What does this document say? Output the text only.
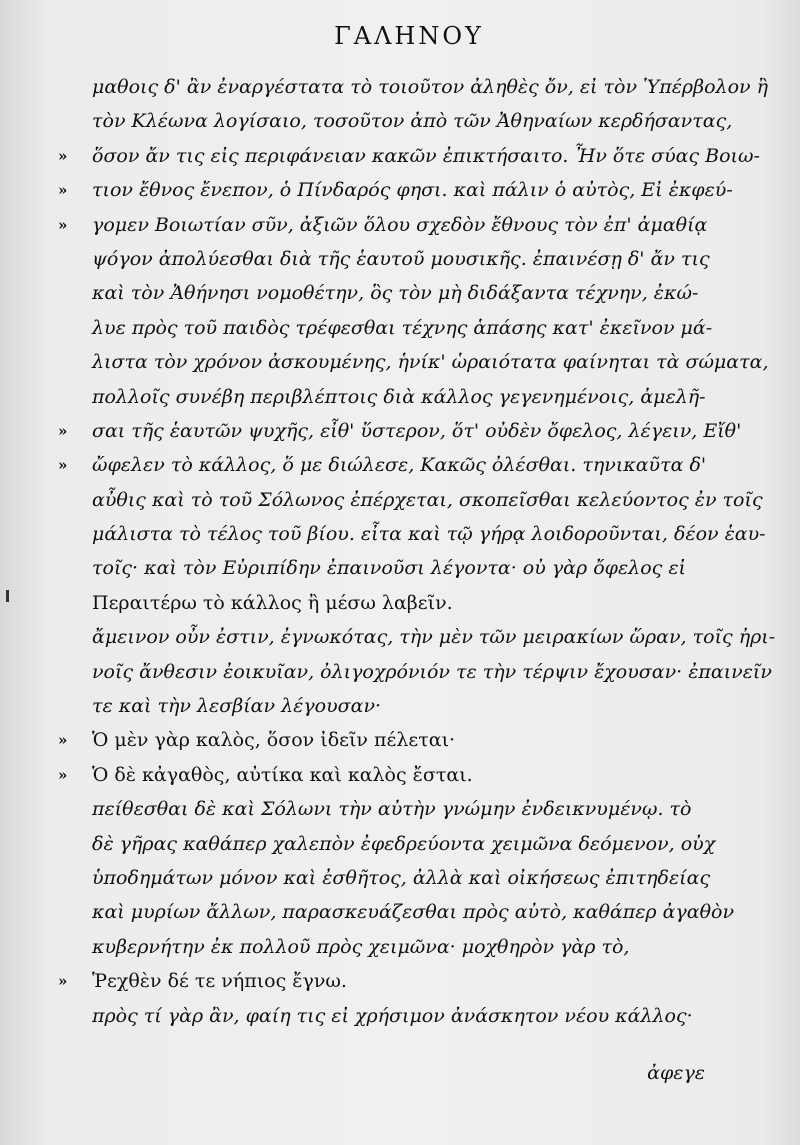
ΓΑΛΗΝΟΥ
μαθοις δ' ἂν ἐναργέστατα τὸ τοιοῦτον ἀληθὲς ὄν, εἰ τὸν Ὑπέρβολον ἢ
τὸν Κλέωνα λογίσαιο, τοσοῦτον ἀπὸ τῶν Ἀθηναίων κερδήσαντας,
» ὅσον ἄν τις εἰς περιφάνειαν κακῶν ἐπικτήσαιτο. Ἦν ὅτε σύας Βοιω-
» τιον ἔθνος ἔνεπον, ὁ Πίνδαρός φησι. καὶ πάλιν ὁ αὐτὸς, Εἰ ἐκφεύ-
» γομεν Βοιωτίαν σῦν, ἀξιῶν ὅλου σχεδὸν ἔθνους τὸν ἐπ' ἀμαθίᾳ
ψόγον ἀπολύεσθαι διὰ τῆς ἑαυτοῦ μουσικῆς. ἐπαινέσῃ δ' ἄν τις
καὶ τὸν Ἀθήνησι νομοθέτην, ὃς τὸν μὴ διδάξαντα τέχνην, ἐκώ-
λυε πρὸς τοῦ παιδὸς τρέφεσθαι τέχνης ἁπάσης κατ' ἐκεῖνον μά-
λιστα τὸν χρόνον ἀσκουμένης, ἡνίκ' ὡραιότατα φαίνηται τὰ σώματα,
πολλοῖς συνέβη περιβλέπτοις διὰ κάλλος γεγενημένοις, ἀμελῆ-
» σαι τῆς ἑαυτῶν ψυχῆς, εἶθ' ὕστερον, ὅτ' οὐδὲν ὄφελος, λέγειν, Εἴθ'
» ὤφελεν τὸ κάλλος, ὅ με διώλεσε, Κακῶς ὀλέσθαι. τηνικαῦτα δ'
αὖθις καὶ τὸ τοῦ Σόλωνος ἐπέρχεται, σκοπεῖσθαι κελεύοντος ἐν τοῖς
μάλιστα τὸ τέλος τοῦ βίου. εἶτα καὶ τῷ γήρᾳ λοιδοροῦνται, δέον ἑαυ-
τοῖς· καὶ τὸν Εὐριπίδην ἐπαινοῦσι λέγοντα· οὐ γὰρ ὄφελος εἰ
Περαιτέρω τὸ κάλλος ἢ μέσω λαβεῖν.
ἄμεινον οὖν ἐστιν, ἐγνωκότας, τὴν μὲν τῶν μειρακίων ὥραν, τοῖς ἠρι-
νοῖς ἄνθεσιν ἐοικυῖαν, ὀλιγοχρόνιόν τε τὴν τέρψιν ἔχουσαν· ἐπαινεῖν
τε καὶ τὴν λεσβίαν λέγουσαν·
» Ὁ μὲν γὰρ καλὸς, ὅσον ἰδεῖν πέλεται·
» Ὁ δὲ κἀγαθὸς, αὐτίκα καὶ καλὸς ἔσται.
πείθεσθαι δὲ καὶ Σόλωνι τὴν αὐτὴν γνώμην ἐνδεικνυμένῳ. τὸ
δὲ γῆρας καθάπερ χαλεπὸν ἐφεδρεύοντα χειμῶνα δεόμενον, οὐχ
ὑποδημάτων μόνον καὶ ἐσθῆτος, ἀλλὰ καὶ οἰκήσεως ἐπιτηδείας
καὶ μυρίων ἄλλων, παρασκευάζεσθαι πρὸς αὐτὸ, καθάπερ ἀγαθὸν
κυβερνήτην ἐκ πολλοῦ πρὸς χειμῶνα· μοχθηρὸν γὰρ τὸ,
» Ῥεχθὲν δέ τε νήπιος ἔγνω.
πρὸς τί γὰρ ἂν, φαίη τις εἰ χρήσιμον ἀνάσκητον νέου κάλλος·
ἀφεγε
